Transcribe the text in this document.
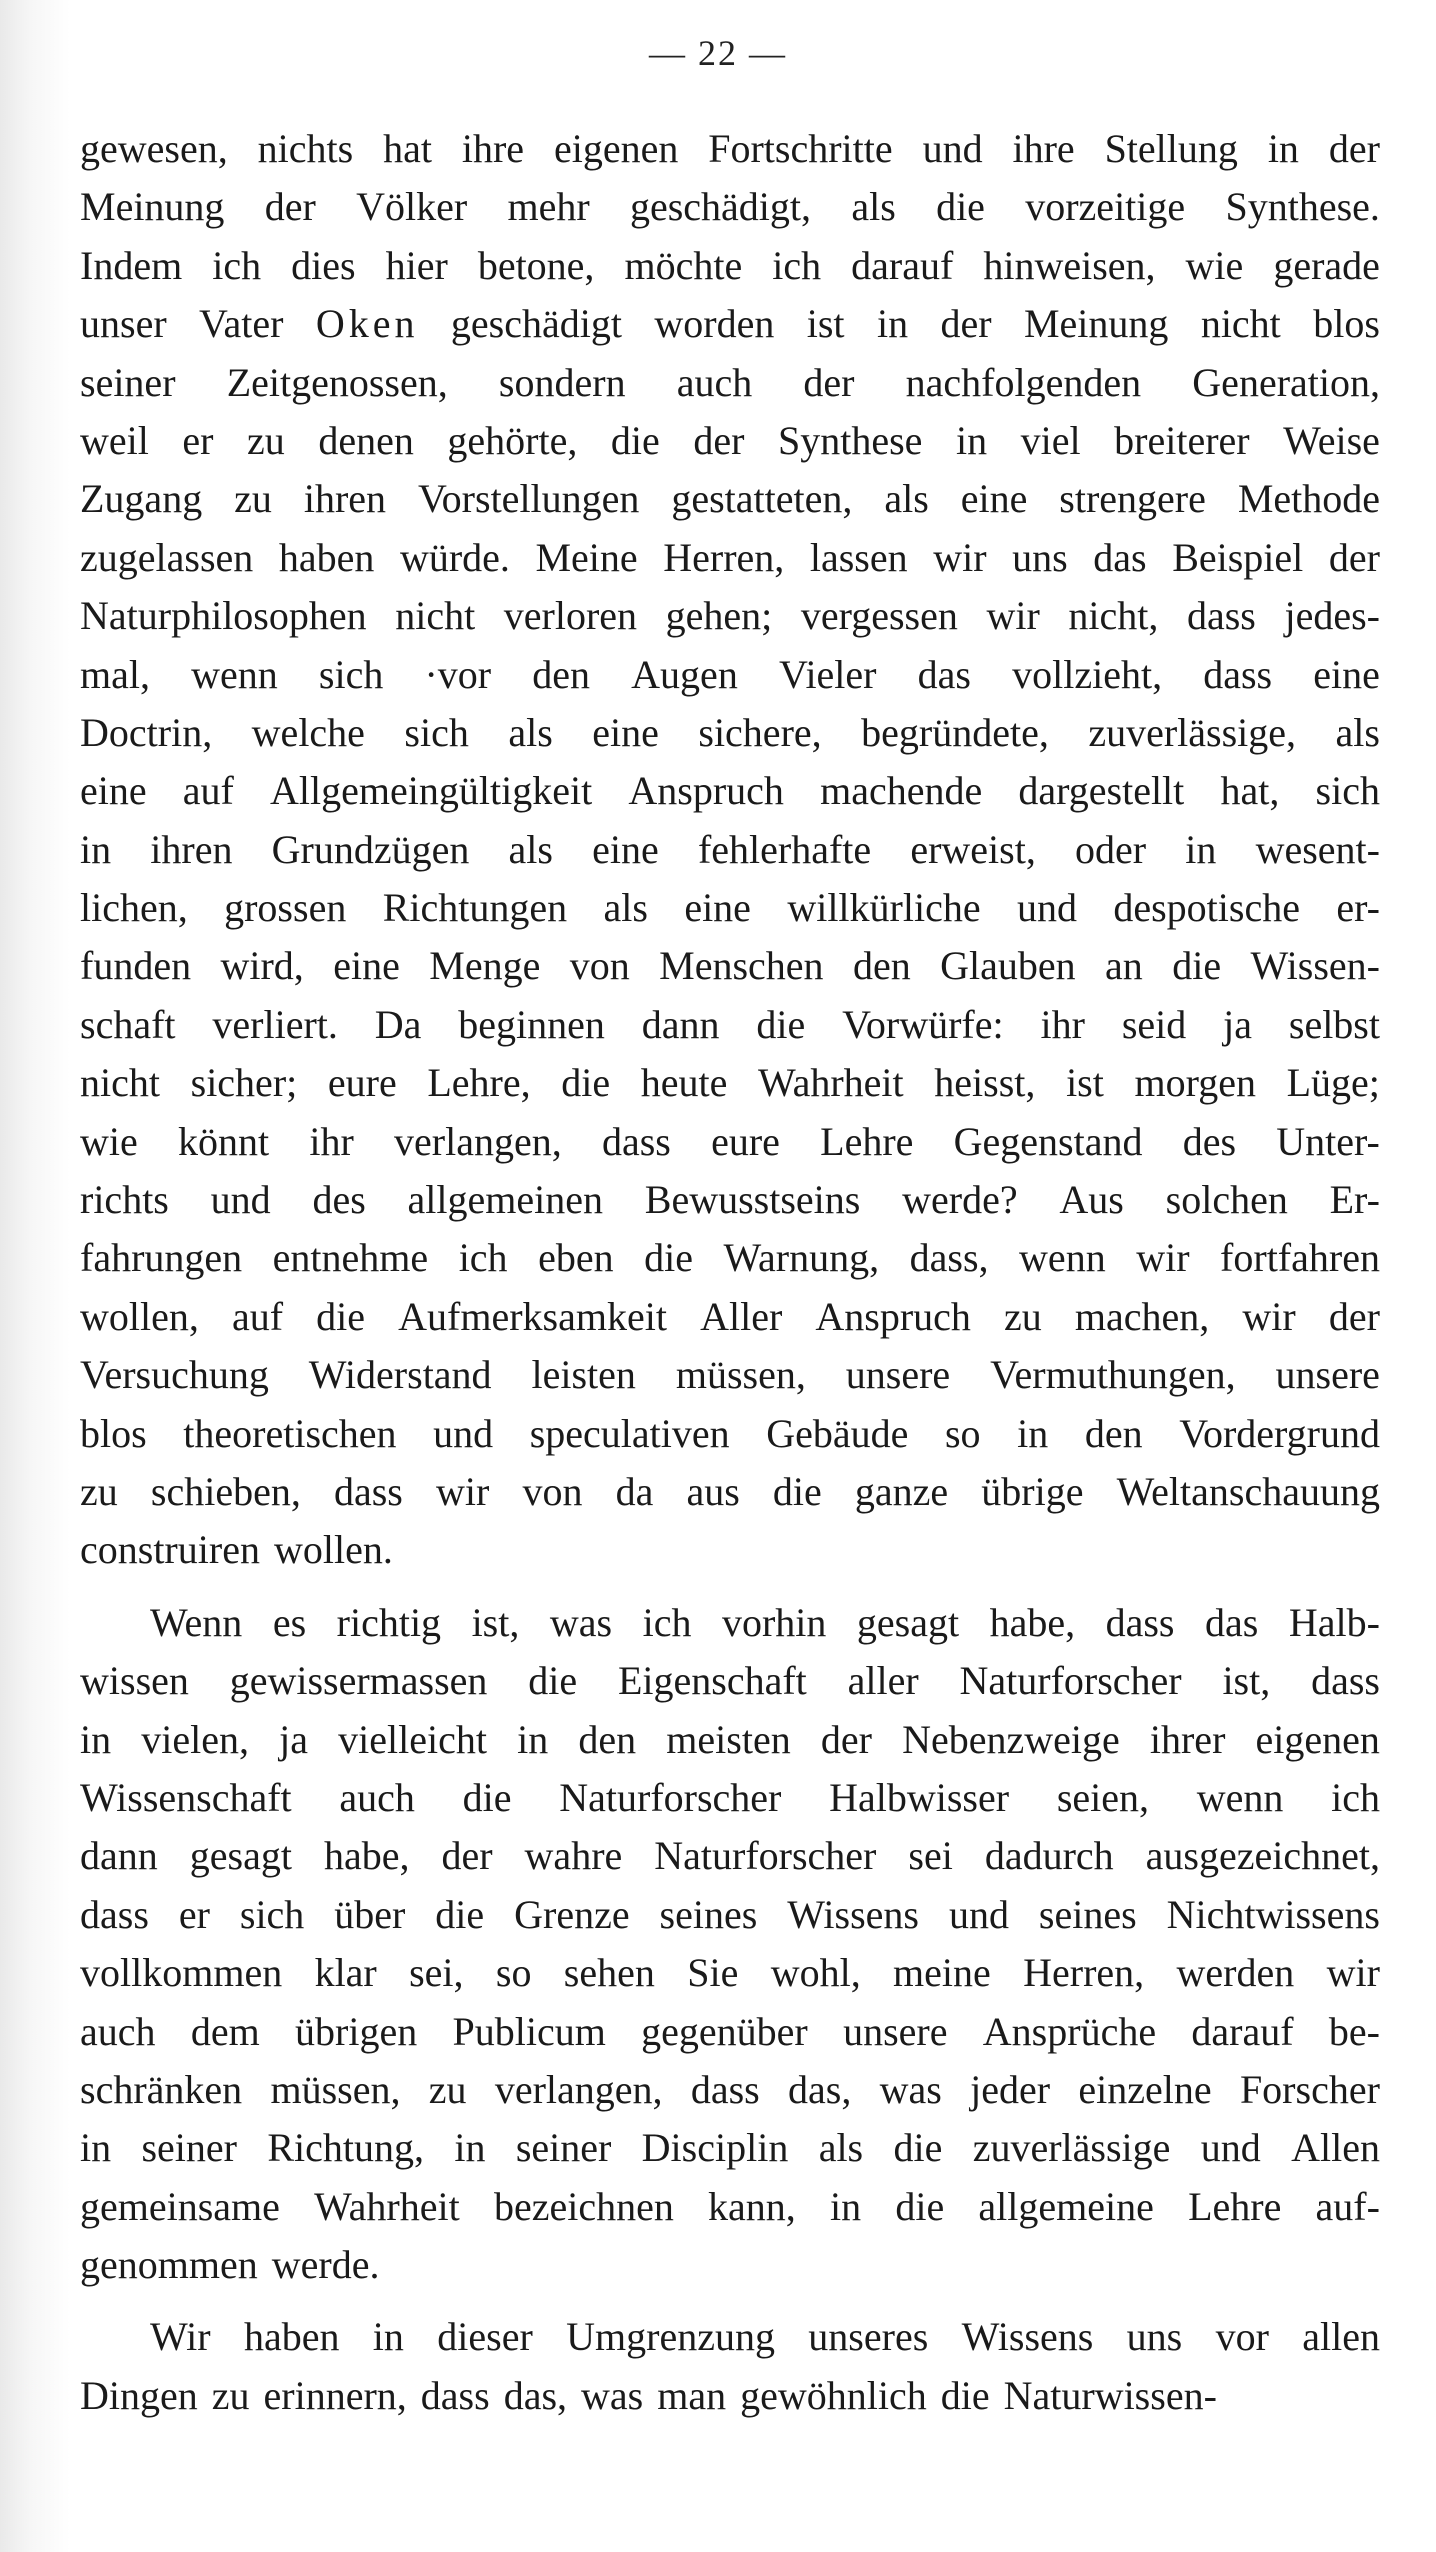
— 22 —
gewesen, nichts hat ihre eigenen Fortschritte und ihre Stellung in der
Meinung der Völker mehr geschädigt, als die vorzeitige Synthese.
Indem ich dies hier betone, möchte ich darauf hinweisen, wie gerade
unser Vater Oken geschädigt worden ist in der Meinung nicht blos
seiner Zeitgenossen, sondern auch der nachfolgenden Generation,
weil er zu denen gehörte, die der Synthese in viel breiterer Weise
Zugang zu ihren Vorstellungen gestatteten, als eine strengere Methode
zugelassen haben würde. Meine Herren, lassen wir uns das Beispiel der
Naturphilosophen nicht verloren gehen; vergessen wir nicht, dass jedes-
mal, wenn sich ·vor den Augen Vieler das vollzieht, dass eine
Doctrin, welche sich als eine sichere, begründete, zuverlässige, als
eine auf Allgemeingültigkeit Anspruch machende dargestellt hat, sich
in ihren Grundzügen als eine fehlerhafte erweist, oder in wesent-
lichen, grossen Richtungen als eine willkürliche und despotische er-
funden wird, eine Menge von Menschen den Glauben an die Wissen-
schaft verliert. Da beginnen dann die Vorwürfe: ihr seid ja selbst
nicht sicher; eure Lehre, die heute Wahrheit heisst, ist morgen Lüge;
wie könnt ihr verlangen, dass eure Lehre Gegenstand des Unter-
richts und des allgemeinen Bewusstseins werde? Aus solchen Er-
fahrungen entnehme ich eben die Warnung, dass, wenn wir fortfahren
wollen, auf die Aufmerksamkeit Aller Anspruch zu machen, wir der
Versuchung Widerstand leisten müssen, unsere Vermuthungen, unsere
blos theoretischen und speculativen Gebäude so in den Vordergrund
zu schieben, dass wir von da aus die ganze übrige Weltanschauung
construiren wollen.
Wenn es richtig ist, was ich vorhin gesagt habe, dass das Halb-
wissen gewissermassen die Eigenschaft aller Naturforscher ist, dass
in vielen, ja vielleicht in den meisten der Nebenzweige ihrer eigenen
Wissenschaft auch die Naturforscher Halbwisser seien, wenn ich
dann gesagt habe, der wahre Naturforscher sei dadurch ausgezeichnet,
dass er sich über die Grenze seines Wissens und seines Nichtwissens
vollkommen klar sei, so sehen Sie wohl, meine Herren, werden wir
auch dem übrigen Publicum gegenüber unsere Ansprüche darauf be-
schränken müssen, zu verlangen, dass das, was jeder einzelne Forscher
in seiner Richtung, in seiner Disciplin als die zuverlässige und Allen
gemeinsame Wahrheit bezeichnen kann, in die allgemeine Lehre auf-
genommen werde.
Wir haben in dieser Umgrenzung unseres Wissens uns vor allen
Dingen zu erinnern, dass das, was man gewöhnlich die Naturwissen-
